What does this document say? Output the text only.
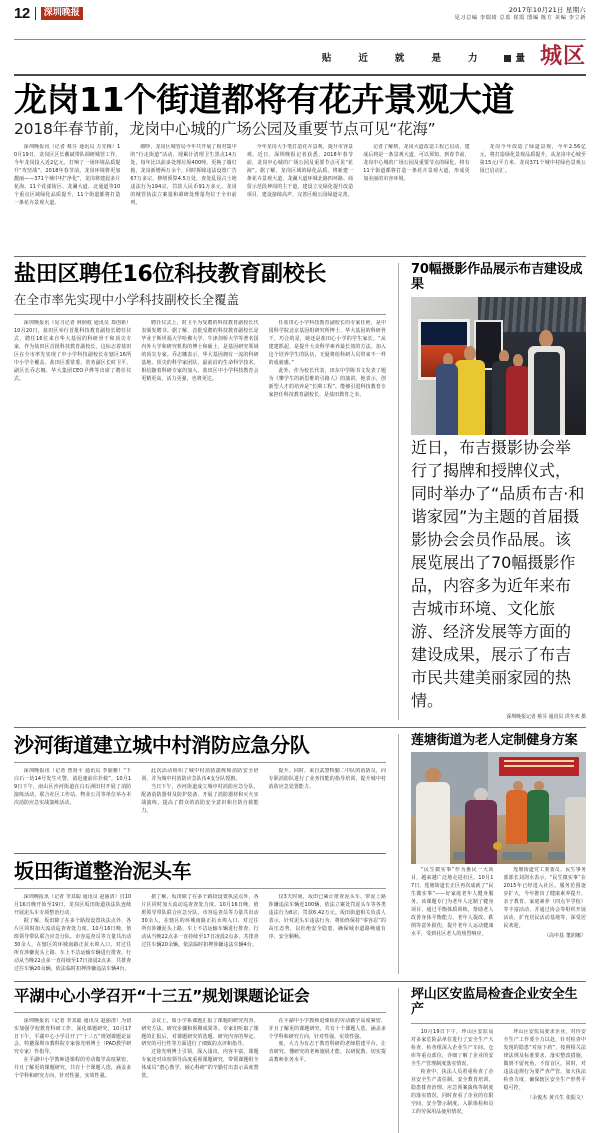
12	深圳晚报	2017年10月21日 星期六
见习总编 李瑞琦 总监 崔霞 图编 陈方 美编 李立新
贴	近	就	是	力	量 城区
龙岗11个街道都将有花卉景观大道
2018年春节前，龙岗中心城的广场公园及重要节点可见“花海”

深圳晚报讯（记者 蔡芬 通讯员 万先梅）10月19日，龙岗区区长戴斌带队调研城管工作。今年龙岗投入近2亿元，打响了一场环境品质提升“攻坚战”。2018年春节前，龙岗环境将更加靓丽——371个城中村“净化”，龙岗将建起多片花海、11个花漾街区、龙澜大道、北通道等10个重点区域绿化品质提升，11个街道都将打造一条花卉景观大道。

细吵，龙岗区城管局今年共开展了相对集中的“行走街道”活动，现累计清理卫生黑点14万处，每年比以前多处理垃圾400吨，更换了墙灯箱，龙岗新增两万余个，同时拆除违法设置广告67万多宗，修缮预算4.5万处，查处乱侵占土地违法行为194宗，罚款人民币91万多元。龙岗的城管执法立案量和调研处理量均位于全市前列。

今年龙岗大手笔打造花卉景观，提升市容景观。近日，深圳晚报记者获悉，2018年春节前，龙岗中心城的广场公园及重要节点可见“花海”。据了解，龙岗区域的绿化品质，将新建一条花卉景观大道，龙澜大道环城北路四环路、商贸示范段神岗的主干道，建设立交绿化提升改造项目，建设接续高声，完善区级公园绿道完善。

记者了解到，龙岗大道改造工程已启动，建成后将是一条景观大道，可以预知，到春节前，龙岗中心城的广场公园及重要节点的绿化，将有11个街道都将打造一条花卉景观大道，形成更加美丽的市容环境。

龙岗今年改造了绿道景观，今年2.56亿元，将打造绿化景观品质提升。从龙岗中心城至第15元/平方米，龙岗371个城中村绿色景观公园已启动汇。

盐田区聘任16位科技教育副校长

在全市率先实现中小学科技副校长全覆盖

深圳晚报讯（见习记者 林炳权 通讯员 郑创新）10月20日，盐田区举行首批科技教育副校长聘任仪式，聘任16位来自华大基因的科研骨干和顶尖专家，作为盐田区首批科技教育副校长。这标志着盐田区在全市率先实现了中小学科技副校长在辖区16所中小学全覆盖。盐田区委常委、常务副区长时卫平，副区长乔志娜，华大集团CEO尹烨等出席了聘任仪式。

聘任仪式上，时卫平为受聘的科技教育副校长代表颁发聘书。据了解，首批受聘的科技教育副校长是毕业于斯坦福大学哈佛大学、牛津剑桥大学等著名国内外大学和研究机构的博士和硕士，是基因研究领域的顶尖专家。乔志娜表示，华大基因拥有一流的科研基地、顶尖的科学家团队、最前沿的生命科学技术。相信随着科研专家的加入，盐田区中小学科技教育会更精更高，活力更强，也将更达。

任盐田心小学科技教育副校长的专家任艳，是中国科学院北京基因组研究所博士、华大基因的科研骨干。巧合的是，她还是盐田心小学的学生家长。“从建建抓起，是提升大众科学素养最长效的方法。加入这个培养学生的队伍，无疑将给科研人员带来不一样的成就感。”

此外，作为校长代表，田东中学陈书文发表了题为《攀学生的新思维的引路人》的演讲。他表示，创新型人才的培养是“长期工程”，能够引进科技教育专家担任科技教育副校长，是盐田教育之幸。

70幅摄影作品展示布吉建设成果
近日，布吉摄影协会举行了揭牌和授牌仪式，同时举办了“品质布吉·和谐家园”为主题的首届摄影协会会员作品展。该展览展出了70幅摄影作品，内容多为近年来布吉城市环境、文化旅游、经济发展等方面的建设成果，展示了布吉市民共建美丽家园的热情。
深圳晚报记者 蔡芬 通讯员 洪冬欢 摄
沙河街道建立城中村消防应急分队

深圳晚报讯（记者 曾贤平 通讯员 李丽雅）“下白石一坊14号发生火警，请迅速前往扑救”，10月19日下午，南山区沙河街道在白石洲旧村开展了消防演练活动，联合社区工作站、物业公司等单位举办本次消防应急实战演练活动。

此次活动组织了城中村消防演练和消防安全培训，并为城中村消防应急队伍4支分队授旗。

当日下午，沙河街道成立城中村消防应急分队，配备消防器材及防护装备，开展了消防器材和灭火实战演练，提高了群众的消防安全意识和自防自救能力。

提升。同时，来自武警特勤二中队的消防员，向专职消防队进行了业务技能的指导培训，提升城中村消防应急处置能力。

坂田街道整治泥头车

深圳晚报讯（记者 李其聪 通讯员 赵丽清）自10月16日晚开始至19日，龙岗区坂田街道执法队连续开展泥头车专项整治行动。

据了解，坂田除了在多个路段设置执法点外，各片区同时加大流动巡查查处力度。10月16日晚，值班领导带队联合应急分队、市容巡查员等力量共出动30余人，在辖区的环城南路正抗水埠入口，对过往所有涉嫌泥头上路、车上不洁运输车辆进行排查，行动从当晚22点多一直持续至17日凌晨2点多，共排查过往车辆20余辆，依法临时扣押涉嫌违法车辆4台。

据了解，坂田除了在多个路段设置执法点外，各片区同时加大流动巡查查处力度。10月16日晚，值班领导带队联合应急分队、市容巡查员等力量共出动30余人，在辖区的环城南路正抗水埠入口，对过往所有涉嫌泥头上路、车上不洁运输车辆进行排查，行动从当晚22点多一直持续至17日凌晨2点多，共排查过往车辆20余辆，依法临时扣押涉嫌违法车辆4台。

仅3天时间，坂田已累计排查泥头车、带泥上路涉嫌违法车辆近100辆，依法立案处罚泥头车等各类违法行为8宗，罚款6.42万元。坂田街道相关负责人表示，针对泥头车违法行为，将始终保持“零容忍”的高压态势，以杜绝安全隐患，确保城市道路畅通有序、安全顺畅。

莲塘街道为老人定制健身方案

“民生微实事”作为惠民一大项目，越来越广泛地走进社区。10月17日，莲塘街道长正区再次成就了“民生微实事”——好家庭老年人健身服务。该课题专门为老年人定制了健身项目，通过平衡体质训练，帮助老人改善身体平衡能力。老年人提改、跌倒等意外损伤，提升老年人运动健康水平，受到社区老人的热烈响应。

莲塘街道党工委委员、民生事务部部长刘剑水表示，“民生微实事”在2015年已经进入社区。服务范围逐步扩大，今年推出了健康素养提升、亲子教育、家庭素养（四点半学校）等丰富活动，并通过协会等组织开展活动，扩充居民活动基地等，深受居民欢迎。

（高申基 董润娜）
平湖中心小学召开“十三五”规划课题论证会

深圳晚报讯（记者 李其聪 通讯员 赵丽清）为切实加强学校教育科研工作，深化课题研究，10月17日下午，平湖中心小学召开了“十三五”规划课题论证会，特邀深圳市教科院专家徐光明博士（PAD教学研究专家）作指导。

在平湖中小学教师进课程的劳动做学高度紧密，并且了解更的课题研究，共有十个课题人选，涵盖多个学科和研究方向，针对性强，实效性强。

会议上，如小学系课题汇报了课题的研究内容、研究方法、研究步骤和预期成果等。专家们听取了课题的汇报后，对课题研究的选题、研究内容的界定、研究的可行性等方面进行了细致的点评和指导。

过徐光明博士引领，深入浅出，内容丰富。课题专家还对该校领导高度重视课题研究，带领课题组全体成员“潜心教学，倾心科研”的辛勤付出表示高度赞赏。

在平湖中小学教师进课程的劳动做学高度紧密，并且了解更的课题研究，共有十个课题人选，涵盖多个学科和研究方向，针对性强，实效性强。

度，大力为有志于教育科研的老师搭建平台，让肯研究、懂研究的老师施展才能，以研促教，切实提高教师业务水平。

坪山区安监局检查企业安全生产

10月19日下午，坪山区安监局对多家危险品单位进行了安全生产大检查，检查组深入企业生产车间、仓库等重点部位，详细了解了企业的安全生产管理制度落实情况。

检查中，执法人员着重检查了企业安全生产责任制、安全教育培训、隐患排查治理、应急预案演练等制度的落实情况，同时查看了企业的有限空间、安全警示制度、入职体检和员工的劳保用品使用情况。

坪山区安监局要求企业，对待安全生产工作要全力以赴，针对检查中发现的隐患“对症下药”，按照相关法律法规及标准要求，落实整改措施，做到不留死角、不留盲区。同时，对违法违规行为要严查严管，加大执法检查力度，确保辖区安全生产形势平稳可控。

（余俊杰 黄兴生 张振文）
